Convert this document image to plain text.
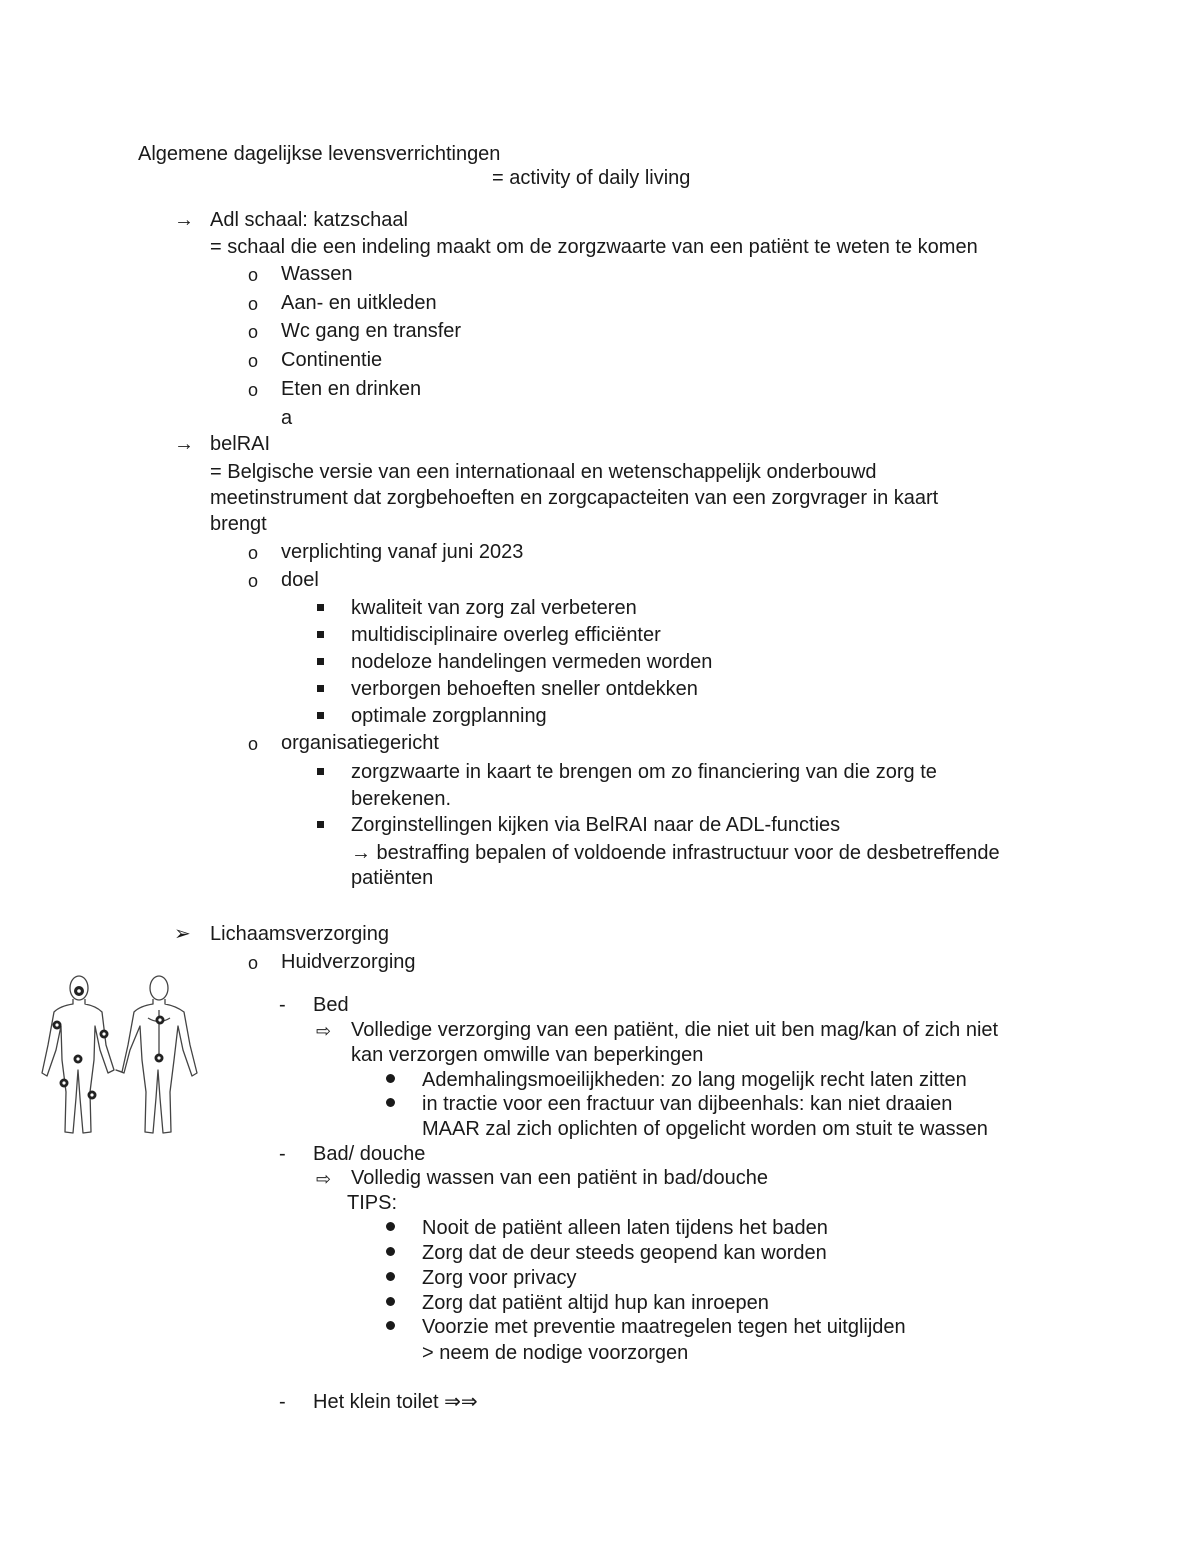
Algemene dagelijkse levensverrichtingen
= activity of daily living
→ Adl schaal: katzschaal
= schaal die een indeling maakt om de zorgzwaarte van een patiënt te weten te komen
o Wassen
o Aan- en uitkleden
o Wc gang en transfer
o Continentie
o Eten en drinken
a
→ belRAI
= Belgische versie van een internationaal en wetenschappelijk onderbouwd
meetinstrument dat zorgbehoeften en zorgcapacteiten van een zorgvrager in kaart
brengt
o verplichting vanaf juni 2023
o doel
kwaliteit van zorg zal verbeteren
multidisciplinaire overleg efficiënter
nodeloze handelingen vermeden worden
verborgen behoeften sneller ontdekken
optimale zorgplanning
o organisatiegericht
zorgzwaarte in kaart te brengen om zo financiering van die zorg te
berekenen.
Zorginstellingen kijken via BelRAI naar de ADL-functies
→ bestraffing bepalen of voldoende infrastructuur voor de desbetreffende
patiënten
➢ Lichaamsverzorging
o Huidverzorging
- Bed
⇨ Volledige verzorging van een patiënt, die niet uit ben mag/kan of zich niet
kan verzorgen omwille van beperkingen
Ademhalingsmoeilijkheden: zo lang mogelijk recht laten zitten
in tractie voor een fractuur van dijbeenhals: kan niet draaien
MAAR zal zich oplichten of opgelicht worden om stuit te wassen
- Bad/ douche
⇨ Volledig wassen van een patiënt in bad/douche
TIPS:
Nooit de patiënt alleen laten tijdens het baden
Zorg dat de deur steeds geopend kan worden
Zorg voor privacy
Zorg dat patiënt altijd hup kan inroepen
Voorzie met preventie maatregelen tegen het uitglijden
> neem de nodige voorzorgen
- Het klein toilet ⇒⇒
